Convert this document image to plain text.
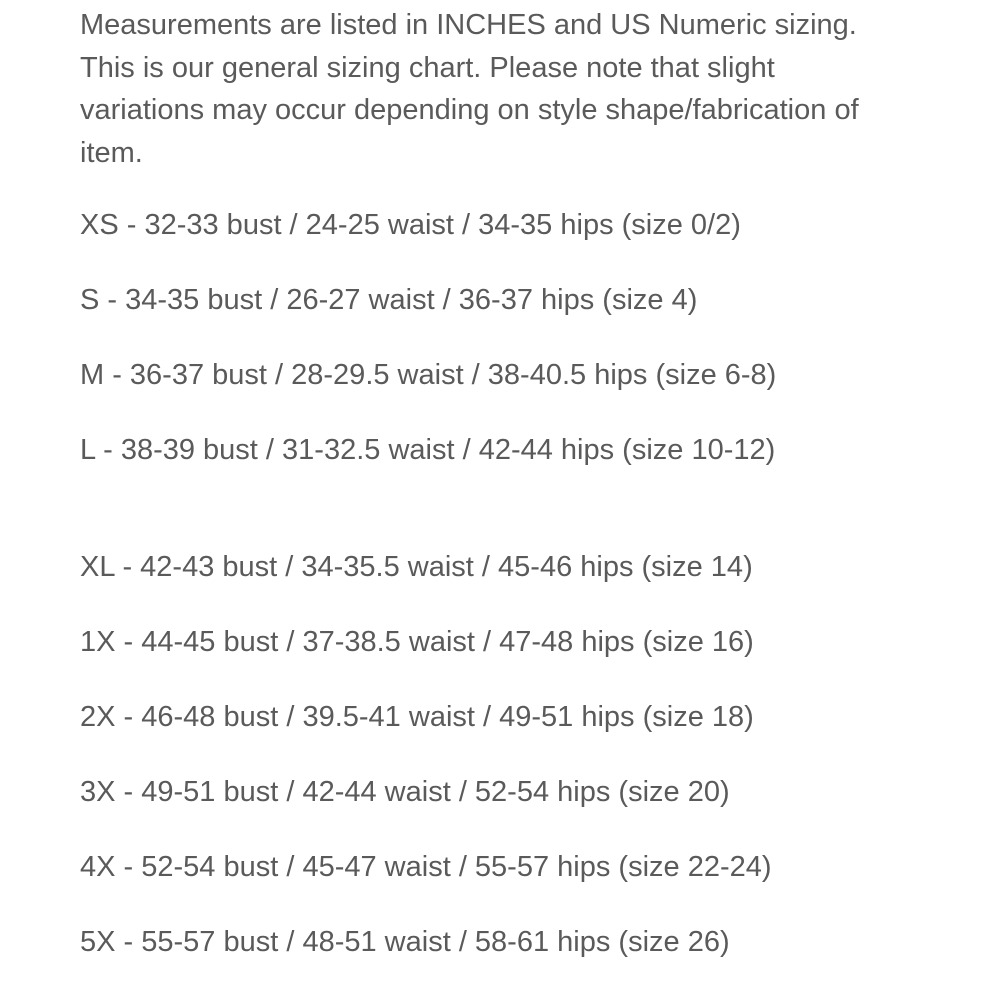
Measurements are listed in INCHES and US Numeric sizing. This is our general sizing chart. Please note that slight variations may occur depending on style shape/fabrication of item.

XS - 32-33 bust / 24-25 waist / 34-35 hips (size 0/2)
S - 34-35 bust / 26-27 waist / 36-37 hips (size 4)
M - 36-37 bust / 28-29.5 waist / 38-40.5 hips (size 6-8)
L - 38-39 bust / 31-32.5 waist / 42-44 hips (size 10-12)
XL - 42-43 bust / 34-35.5 waist / 45-46 hips (size 14)
1X - 44-45 bust / 37-38.5 waist / 47-48 hips (size 16)
2X - 46-48 bust / 39.5-41 waist / 49-51 hips (size 18)
3X - 49-51 bust / 42-44 waist / 52-54 hips (size 20)
4X - 52-54 bust / 45-47 waist / 55-57 hips (size 22-24)
5X - 55-57 bust / 48-51 waist / 58-61 hips (size 26)
